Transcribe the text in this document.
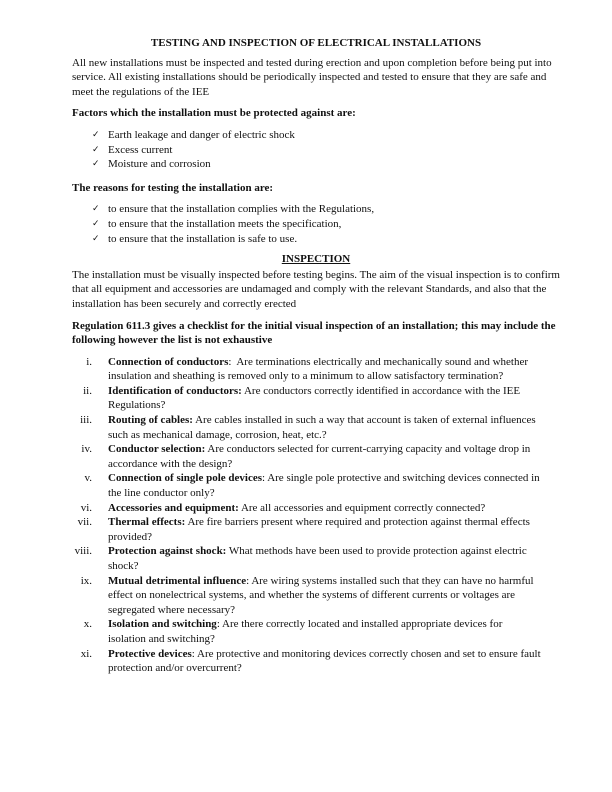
TESTING AND INSPECTION OF ELECTRICAL INSTALLATIONS

All new installations must be inspected and tested during erection and upon completion before being put into service. All existing installations should be periodically inspected and tested to ensure that they are safe and meet the regulations of the IEE

Factors which the installation must be protected against are:

✓ Earth leakage and danger of electric shock
✓ Excess current
✓ Moisture and corrosion

The reasons for testing the installation are:

✓ to ensure that the installation complies with the Regulations,
✓ to ensure that the installation meets the specification,
✓ to ensure that the installation is safe to use.

INSPECTION

The installation must be visually inspected before testing begins. The aim of the visual inspection is to confirm that all equipment and accessories are undamaged and comply with the relevant Standards, and also that the installation has been securely and correctly erected

Regulation 611.3 gives a checklist for the initial visual inspection of an installation; this may include the following however the list is not exhaustive

i.	Connection of conductors:  Are terminations electrically and mechanically sound and whether insulation and sheathing is removed only to a minimum to allow satisfactory termination?
ii.	Identification of conductors: Are conductors correctly identified in accordance with the IEE Regulations?
iii.	Routing of cables: Are cables installed in such a way that account is taken of external influences such as mechanical damage, corrosion, heat, etc.?
iv.	Conductor selection: Are conductors selected for current-carrying capacity and voltage drop in accordance with the design?
v.	Connection of single pole devices: Are single pole protective and switching devices connected in the line conductor only?
vi.	Accessories and equipment: Are all accessories and equipment correctly connected?
vii.	Thermal effects: Are fire barriers present where required and protection against thermal effects provided?
viii.	Protection against shock: What methods have been used to provide protection against electric shock?
ix.	Mutual detrimental influence: Are wiring systems installed such that they can have no harmful effect on nonelectrical systems, and whether the systems of different currents or voltages are segregated where necessary?
x.	Isolation and switching: Are there correctly located and installed appropriate devices for isolation and switching?
xi.	Protective devices: Are protective and monitoring devices correctly chosen and set to ensure fault protection and/or overcurrent?
